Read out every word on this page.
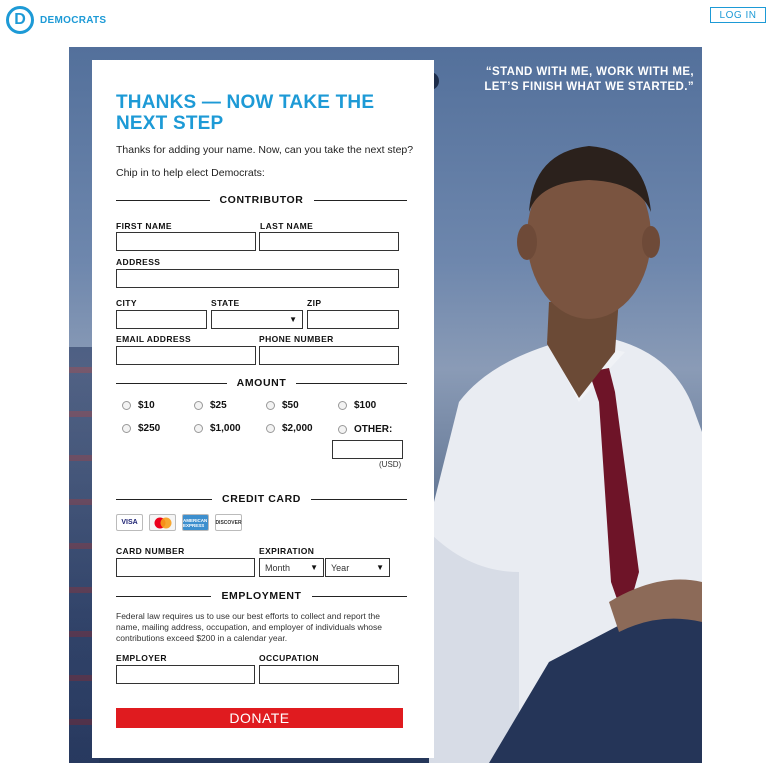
D	DEMOCRATS	LOG IN
“STAND WITH ME, WORK WITH ME,
LET’S FINISH WHAT WE STARTED.”
THANKS — NOW TAKE THE NEXT STEP
Thanks for adding your name. Now, can you take the next step?
Chip in to help elect Democrats:
CONTRIBUTOR
FIRST NAME	LAST NAME
ADDRESS
CITY	STATE	ZIP
▼
EMAIL ADDRESS	PHONE NUMBER
AMOUNT
$10	$25	$50	$100
$250	$1,000	$2,000	OTHER:
(USD)
CREDIT CARD
VISA	AMERICAN EXPRESS	DISCOVER
CARD NUMBER	EXPIRATION
Month	▼ Year	▼
EMPLOYMENT
Federal law requires us to use our best efforts to collect and report the name, mailing address, occupation, and employer of individuals whose contributions exceed $200 in a calendar year.
EMPLOYER	OCCUPATION
DONATE
